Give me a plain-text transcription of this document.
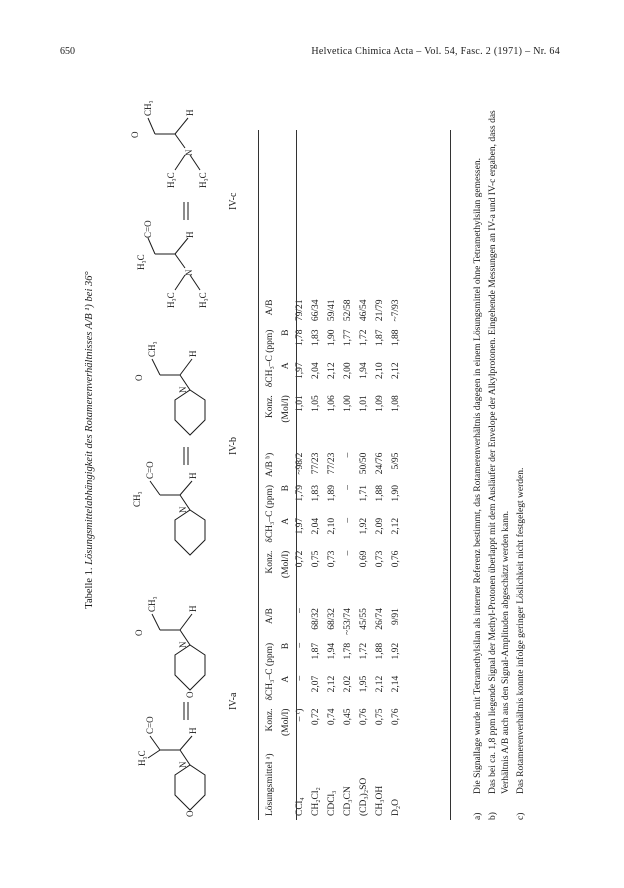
650	Helvetica Chimica Acta – Vol. 54, Fasc. 2 (1971) – Nr. 64
Tabelle 1. Lösungsmittelabhängigkeit des Rotamerenverhältnisses A/B ¹) bei 36°
O
N
H₃C
C=O	H
O
N
O
CH₃	H
IV-a
N
CH₃
C=O	H
N
O
CH₃	H
IV-b
H₃C H₃C
N
H₃C
C=O	H
H₃C H₃C
N
O
CH₃	H
IV-c
Lösungsmittel ᵃ)	Konz.	δCH₃–C (ppm)		A/B		Konz.	δCH₃–C (ppm)		A/B ᵇ)		Konz.	δCH₃–C (ppm)		A/B
	(Mol/l)	A	B			(Mol/l)	A	B			(Mol/l)	A	B	
CCl₄	– ᶜ)	–	–	–		0,72	1,97	1,79	~98/2		1,01	1,97	1,78	79/21
CH₂Cl₂	0,72	2,07	1,87	68/32		0,75	2,04	1,83	77/23		1,05	2,04	1,83	66/34
CDCl₃	0,74	2,12	1,94	68/32		0,73	2,10	1,89	77/23		1,06	2,12	1,90	59/41
CD₃CN	0,45	2,02	1,78	~53/74		–	–	–	–		1,00	2,00	1,77	52/58
(CD₃)₂SO	0,76	1,95	1,72	45/55		0,69	1,92	1,71	50/50		1,01	1,94	1,72	46/54
CH₃OH	0,75	2,12	1,88	26/74		0,73	2,09	1,88	24/76		1,09	2,10	1,87	21/79
D₂O	0,76	2,14	1,92	9/91		0,76	2,12	1,90	5/95		1,08	2,12	1,88	~7/93
a)
Die Signallage wurde mit Tetramethylsilan als interner Referenz bestimmt, das Rotamerenverhältnis dagegen in einem Lösungsmittel ohne Tetramethylsilan gemessen.
b)
Das bei ca. 1,8 ppm liegende Signal der Methyl-Protonen überlappt mit dem Ausläufer der Envelope der Alkylprotonen. Eingehende Messungen an IV-a und IV-c ergaben, dass das Verhältnis A/B auch aus den Signal-Amplituden abgeschätzt werden kann.
c)
Das Rotamerenverhältnis konnte infolge geringer Löslichkeit nicht festgelegt werden.
